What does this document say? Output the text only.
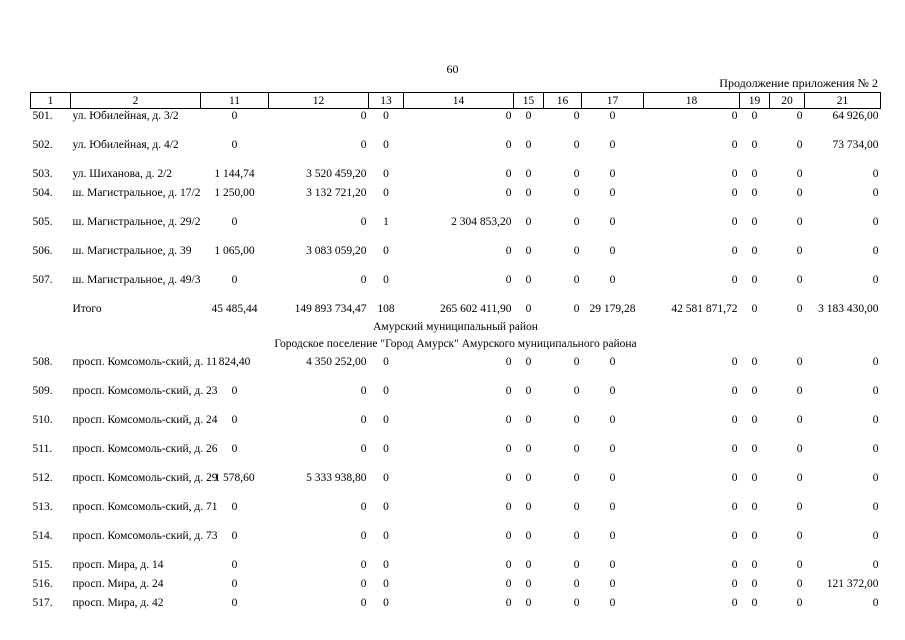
60
Продолжение приложения № 2
1	2	11	12	13	14	15	16	17	18	19	20	21
501.	ул. Юбилейная, д. 3/2	0	0	0	0	0	0	0	0	0	0	64 926,00
502.	ул. Юбилейная, д. 4/2	0	0	0	0	0	0	0	0	0	0	73 734,00
503.	ул. Шиханова, д. 2/2	1 144,74	3 520 459,20	0	0	0	0	0	0	0	0	0
504.	ш. Магистральное, д. 17/2	1 250,00	3 132 721,20	0	0	0	0	0	0	0	0	0
505.	ш. Магистральное, д. 29/2	0	0	1	2 304 853,20	0	0	0	0	0	0	0
506.	ш. Магистральное, д. 39	1 065,00	3 083 059,20	0	0	0	0	0	0	0	0	0
507.	ш. Магистральное, д. 49/3	0	0	0	0	0	0	0	0	0	0	0
	Итого	45 485,44	149 893 734,47	108	265 602 411,90	0	0	29 179,28	42 581 871,72	0	0	3 183 430,00
Амурский муниципальный район												
Городское поселение "Город Амурск" Амурского муниципального района												
508.	просп. Комсомоль-ский, д. 11	824,40	4 350 252,00	0	0	0	0	0	0	0	0	0
509.	просп. Комсомоль-ский, д. 23	0	0	0	0	0	0	0	0	0	0	0
510.	просп. Комсомоль-ский, д. 24	0	0	0	0	0	0	0	0	0	0	0
511.	просп. Комсомоль-ский, д. 26	0	0	0	0	0	0	0	0	0	0	0
512.	просп. Комсомоль-ский, д. 29	1 578,60	5 333 938,80	0	0	0	0	0	0	0	0	0
513.	просп. Комсомоль-ский, д. 71	0	0	0	0	0	0	0	0	0	0	0
514.	просп. Комсомоль-ский, д. 73	0	0	0	0	0	0	0	0	0	0	0
515.	просп. Мира, д. 14	0	0	0	0	0	0	0	0	0	0	0
516.	просп. Мира, д. 24	0	0	0	0	0	0	0	0	0	0	121 372,00
517.	просп. Мира, д. 42	0	0	0	0	0	0	0	0	0	0	0
